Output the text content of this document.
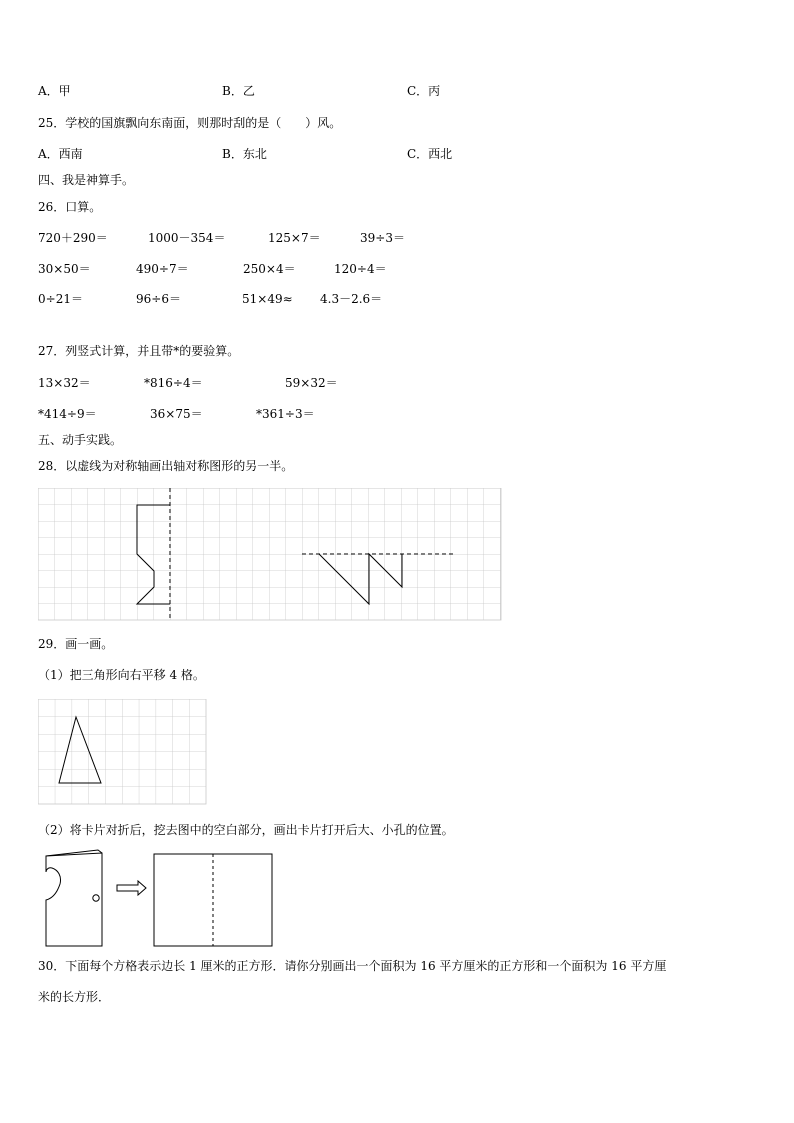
A．甲	B．乙	C．丙
25．学校的国旗飘向东南面，则那时刮的是（　　）风。
A．西南	B．东北	C．西北
四、我是神算手。
26．口算。
720＋290＝	1000－354＝	125×7＝	39÷3＝
30×50＝	490÷7＝	250×4＝	120÷4＝
0÷21＝	96÷6＝	51×49≈ 4.3－2.6＝
27．列竖式计算，并且带*的要验算。
13×32＝	*816÷4＝	59×32＝
*414÷9＝	36×75＝	*361÷3＝
五、动手实践。
28．以虚线为对称轴画出轴对称图形的另一半。
29．画一画。
（1）把三角形向右平移 4 格。
（2）将卡片对折后，挖去图中的空白部分，画出卡片打开后大、小孔的位置。
30．下面每个方格表示边长 1 厘米的正方形．请你分别画出一个面积为 16 平方厘米的正方形和一个面积为 16 平方厘
米的长方形．
